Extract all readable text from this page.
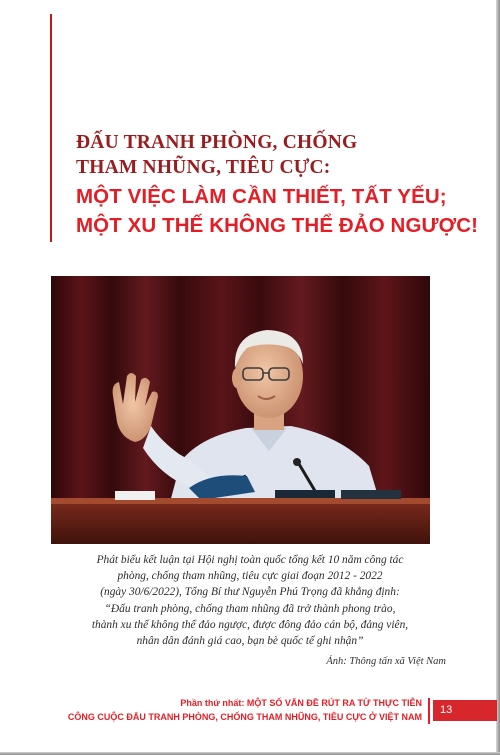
ĐẤU TRANH PHÒNG, CHỐNG
THAM NHŨNG, TIÊU CỰC:
MỘT VIỆC LÀM CẦN THIẾT, TẤT YẾU;
MỘT XU THẾ KHÔNG THỂ ĐẢO NGƯỢC!
Phát biểu kết luận tại Hội nghị toàn quốc tổng kết 10 năm công tác
phòng, chống tham nhũng, tiêu cực giai đoạn 2012 - 2022
(ngày 30/6/2022), Tổng Bí thư Nguyễn Phú Trọng đã khẳng định:
“Đấu tranh phòng, chống tham nhũng đã trở thành phong trào,
thành xu thế không thể đảo ngược, được đông đảo cán bộ, đảng viên,
nhân dân đánh giá cao, bạn bè quốc tế ghi nhận”
Ảnh: Thông tấn xã Việt Nam
Phần thứ nhất: MỘT SỐ VẤN ĐỀ RÚT RA TỪ THỰC TIỄN
CÔNG CUỘC ĐẤU TRANH PHÒNG, CHỐNG THAM NHŨNG, TIÊU CỰC Ở VIỆT NAM
13
